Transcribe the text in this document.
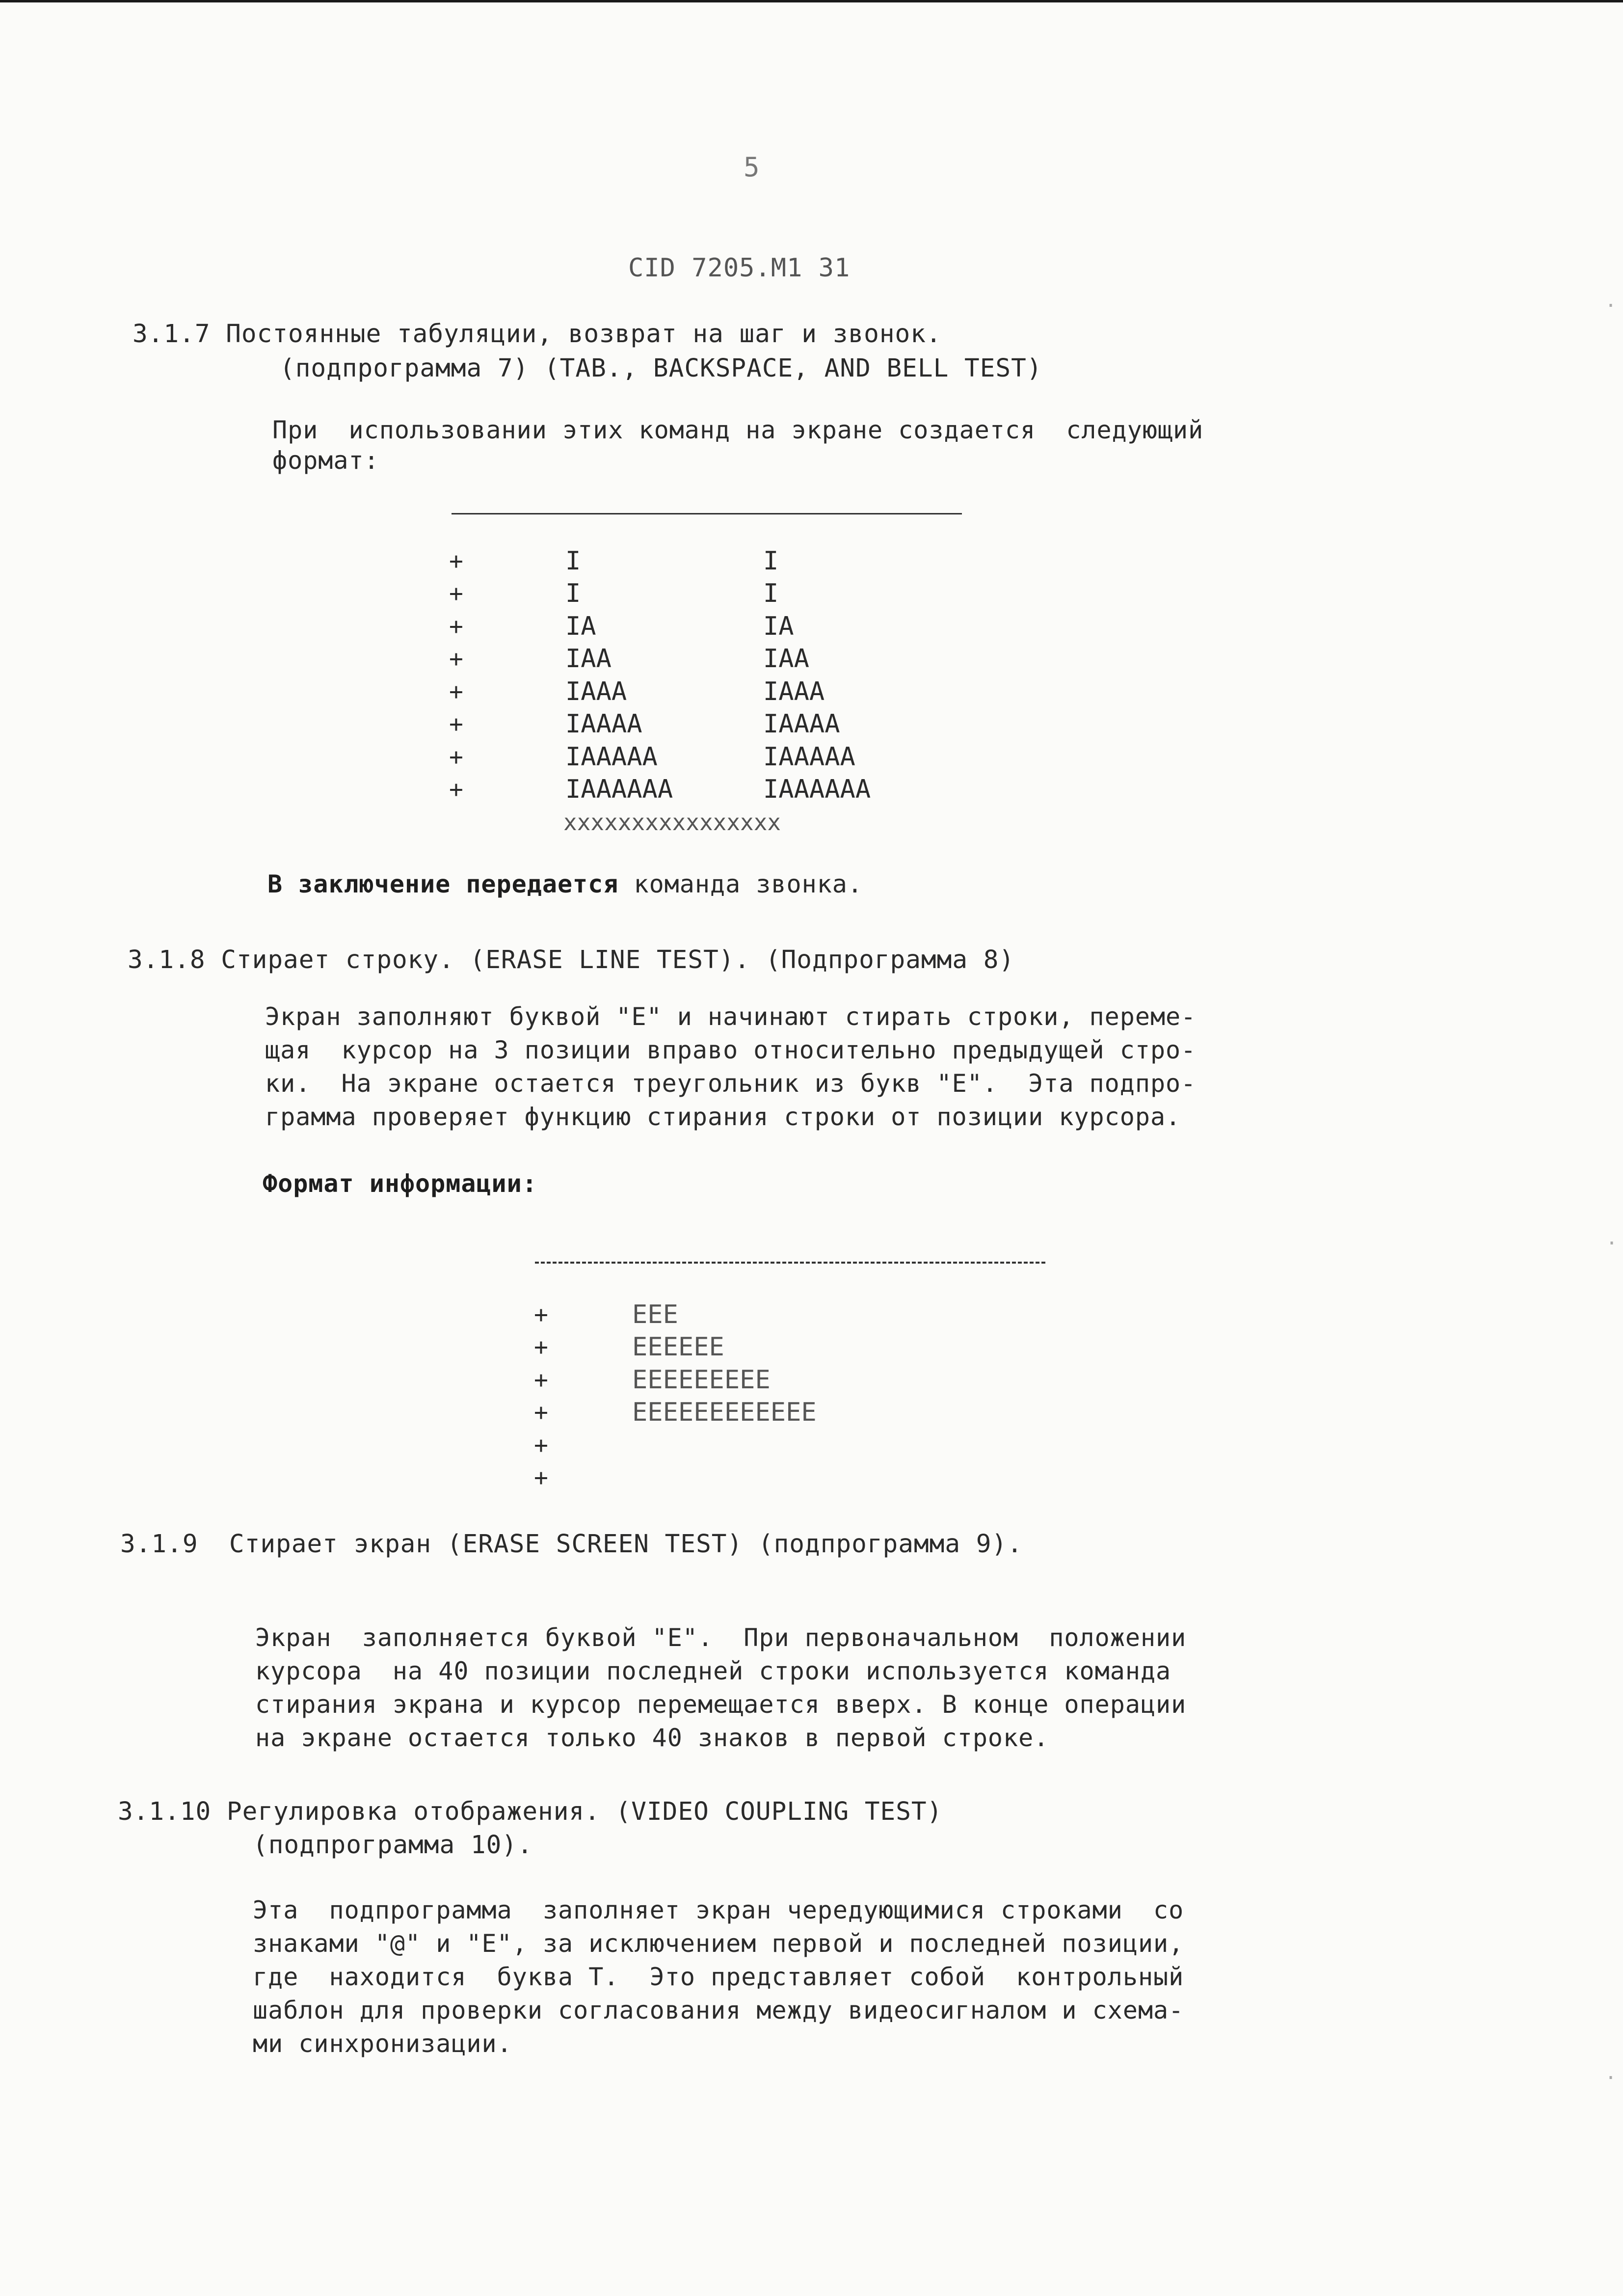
5
CID 7205.M1 31
3.1.7 Постоянные табуляции, возврат на шаг и звонок.
(подпрограмма 7) (TAB., BACKSPACE, AND BELL TEST)
При  использовании этих команд на экране создается  следующий
формат:
+
+
+
+
+
+
+
+
I
I
IA
IAA
IAAA
IAAAA
IAAAAA
IAAAAAA
I
I
IA
IAA
IAAA
IAAAA
IAAAAA
IAAAAAA
xxxxxxxxxxxxxxxx
В заключение передается команда звонка.
3.1.8 Стирает строку. (ERASE LINE TEST). (Подпрограмма 8)
Экран заполняют буквой "E" и начинают стирать строки, переме-
щая  курсор на 3 позиции вправо относительно предыдущей стро-
ки.  На экране остается треугольник из букв "E".  Эта подпро-
грамма проверяет функцию стирания строки от позиции курсора.
Формат информации:
+
+
+
+
+
+
EEE
EEEEEE
EEEEEEEEE
EEEEEEEEEEEE
3.1.9  Стирает экран (ERASE SCREEN TEST) (подпрограмма 9).
Экран  заполняется буквой "E".  При первоначальном  положении
курсора  на 40 позиции последней строки используется команда
стирания экрана и курсор перемещается вверх. В конце операции
на экране остается только 40 знаков в первой строке.
3.1.10 Регулировка отображения. (VIDEO COUPLING TEST)
(подпрограмма 10).
Эта  подпрограмма  заполняет экран чередующимися строками  со
знаками "@" и "E", за исключением первой и последней позиции,
где  находится  буква T.  Это представляет собой  контрольный
шаблон для проверки согласования между видеосигналом и схема-
ми синхронизации.
·
·
·
